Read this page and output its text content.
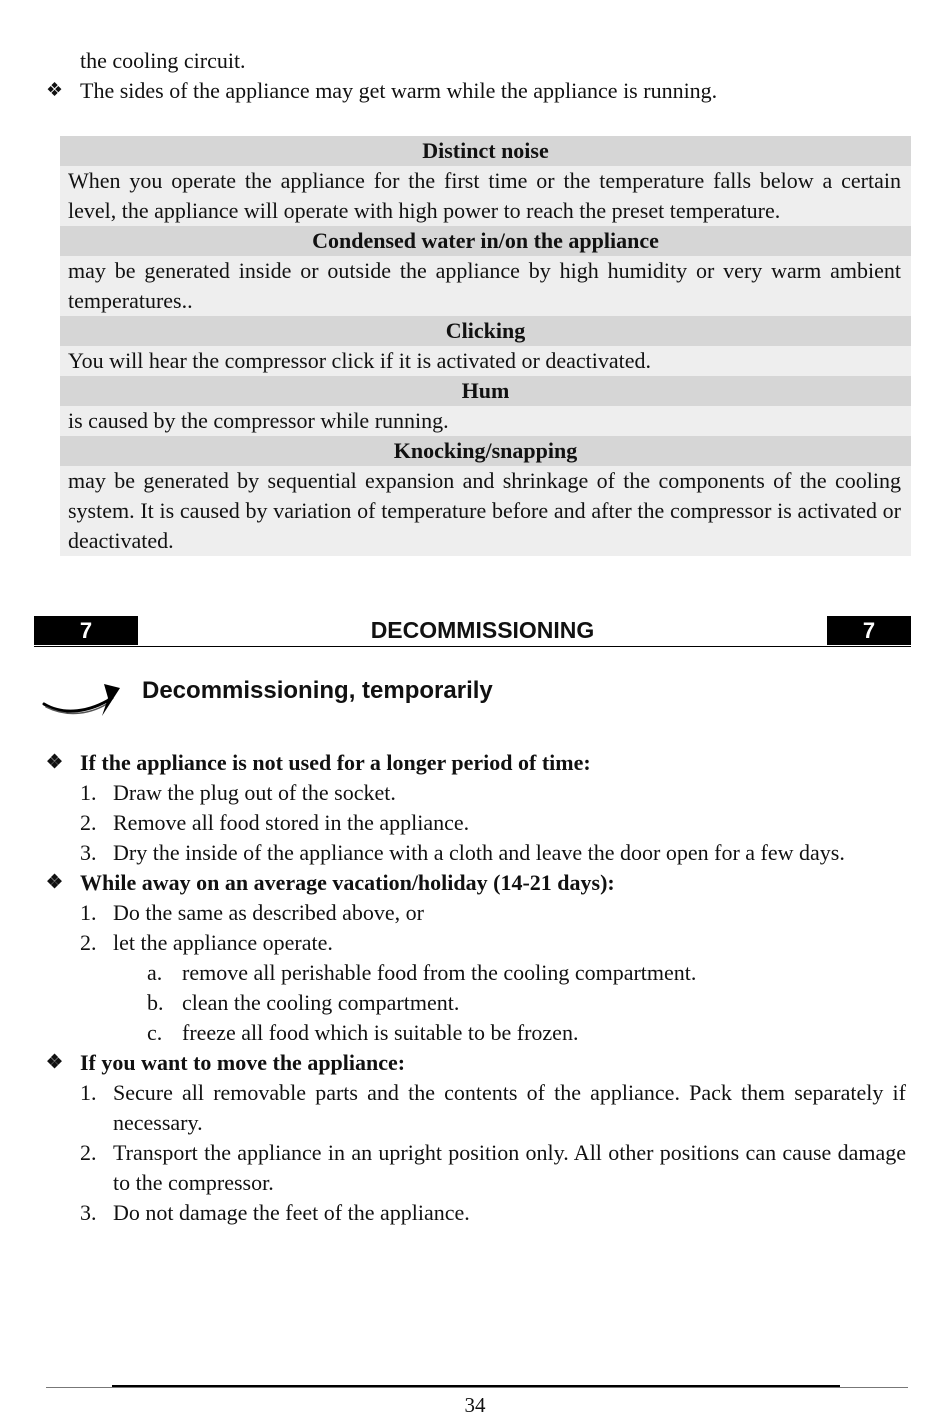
the cooling circuit.
❖ The sides of the appliance may get warm while the appliance is running.
Distinct noise
When you operate the appliance for the first time or the temperature falls below a certain level, the appliance will operate with high power to reach the preset temperature.
Condensed water in/on the appliance
may be generated inside or outside the appliance by high humidity or very warm ambient temperatures..
Clicking
You will hear the compressor click if it is activated or deactivated.
Hum
is caused by the compressor while running.
Knocking/snapping
may be generated by sequential expansion and shrinkage of the components of the cooling system. It is caused by variation of temperature before and after the compressor is activated or deactivated.
7	DECOMMISSIONING	7
Decommissioning, temporarily
❖ If the appliance is not used for a longer period of time:
1. Draw the plug out of the socket.
2. Remove all food stored in the appliance.
3. Dry the inside of the appliance with a cloth and leave the door open for a few days.
❖ While away on an average vacation/holiday (14-21 days):
1. Do the same as described above, or
2. let the appliance operate.
a. remove all perishable food from the cooling compartment.
b. clean the cooling compartment.
c. freeze all food which is suitable to be frozen.
❖ If you want to move the appliance:
1. Secure all removable parts and the contents of the appliance. Pack them separately if necessary.
2. Transport the appliance in an upright position only. All other positions can cause damage to the compressor.
3. Do not damage the feet of the appliance.
34
